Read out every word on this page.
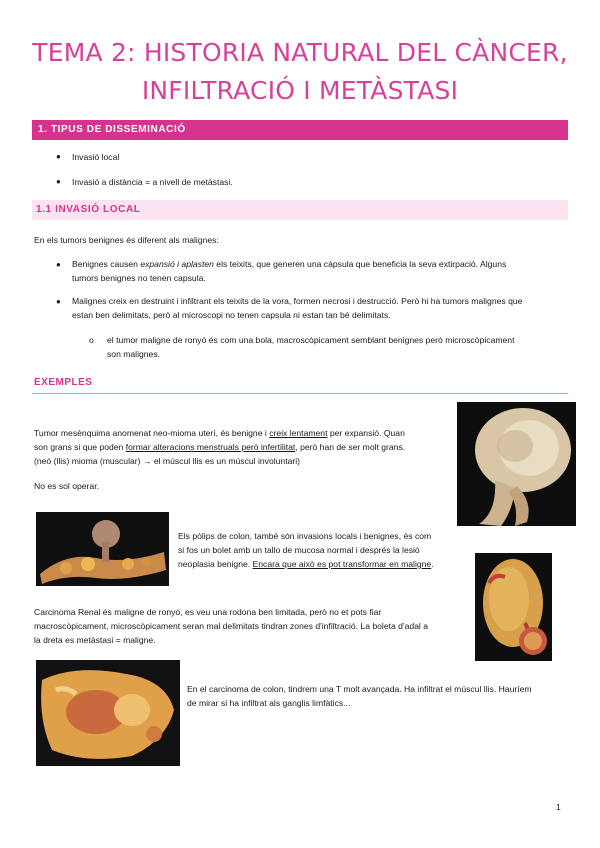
TEMA 2: HISTORIA NATURAL DEL CÀNCER,
INFILTRACIÓ I METÀSTASI
1. TIPUS DE DISSEMINACIÓ
● Invasió local
● Invasió a distància = a nivell de metàstasi.
1.1 INVASIÓ LOCAL
En els tumors benignes és diferent als malignes:
● Benignes causen expansió i aplasten els teixits, que generen una càpsula que beneficia la seva extirpació. Alguns
tumors benignes no tenen capsula.
● Malignes creix en destruint i infiltrant els teixits de la vora, formen necrosi i destrucció. Però hi ha tumors malignes que
estan ben delimitats, però al microscopi no tenen capsula ni estan tan bé delimitats.
o el tumor maligne de ronyó és com una bola, macroscòpicament semblant benignes però microscòpicament
son malignes.
EXEMPLES
Tumor mesènquima anomenat neo-mioma uterí, és benigne i creix lentament per expansió. Quan
son grans si que poden formar alteracions menstruals però infertilitat, però han de ser molt grans.
(neó (llis) mioma (muscular) → el múscul llis es un múscul involuntari)
No es sol operar.
Els pòlips de colon, també són invasions locals i benignes, és com
si fos un bolet amb un tallo de mucosa normal i després la lesió
neoplasia benigne. Encara que això es pot transformar en maligne.
Carcinoma Renal és maligne de ronyó, es veu una rodona ben limitada, però no et pots fiar
macroscòpicament, microscòpicament seran mal delimitats tindran zones d'infiltració. La boleta d'adal a
la dreta es metàstasi = maligne.
En el carcinoma de colon, tindrem una T molt avançada. Ha infiltrat el múscul llis. Hauríem
de mirar si ha infiltrat als ganglis limfàtics...
1
